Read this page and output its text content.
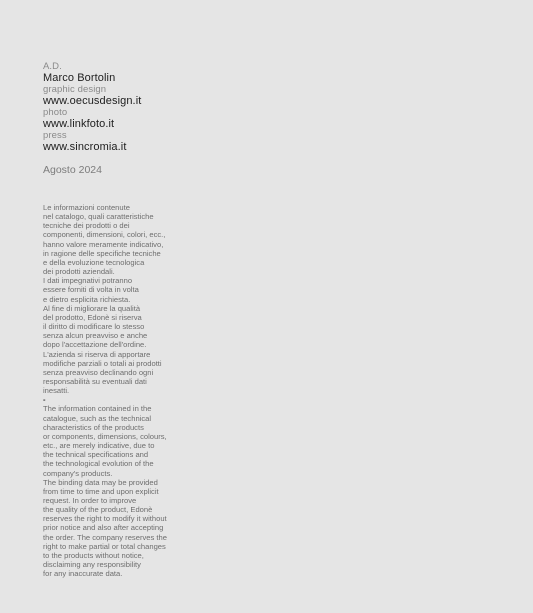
A.D.
Marco Bortolin
graphic design
www.oecusdesign.it
photo
www.linkfoto.it
press
www.sincromia.it
Agosto 2024
Le informazioni contenute
nel catalogo, quali caratteristiche
tecniche dei prodotti o dei
componenti, dimensioni, colori, ecc.,
hanno valore meramente indicativo,
in ragione delle specifiche tecniche
e della evoluzione tecnologica
dei prodotti aziendali.
I dati impegnativi potranno
essere forniti di volta in volta
e dietro esplicita richiesta.
Al fine di migliorare la qualità
del prodotto, Edonè si riserva
il diritto di modificare lo stesso
senza alcun preavviso e anche
dopo l'accettazione dell'ordine.
L'azienda si riserva di apportare
modifiche parziali o totali ai prodotti
senza preavviso declinando ogni
responsabilità su eventuali dati
inesatti.
-
The information contained in the
catalogue, such as the technical
characteristics of the products
or components, dimensions, colours,
etc., are merely indicative, due to
the technical specifications and
the technological evolution of the
company's products.
The binding data may be provided
from time to time and upon explicit
request. In order to improve
the quality of the product, Edonè
reserves the right to modify it without
prior notice and also after accepting
the order. The company reserves the
right to make partial or total changes
to the products without notice,
disclaiming any responsibility
for any inaccurate data.
